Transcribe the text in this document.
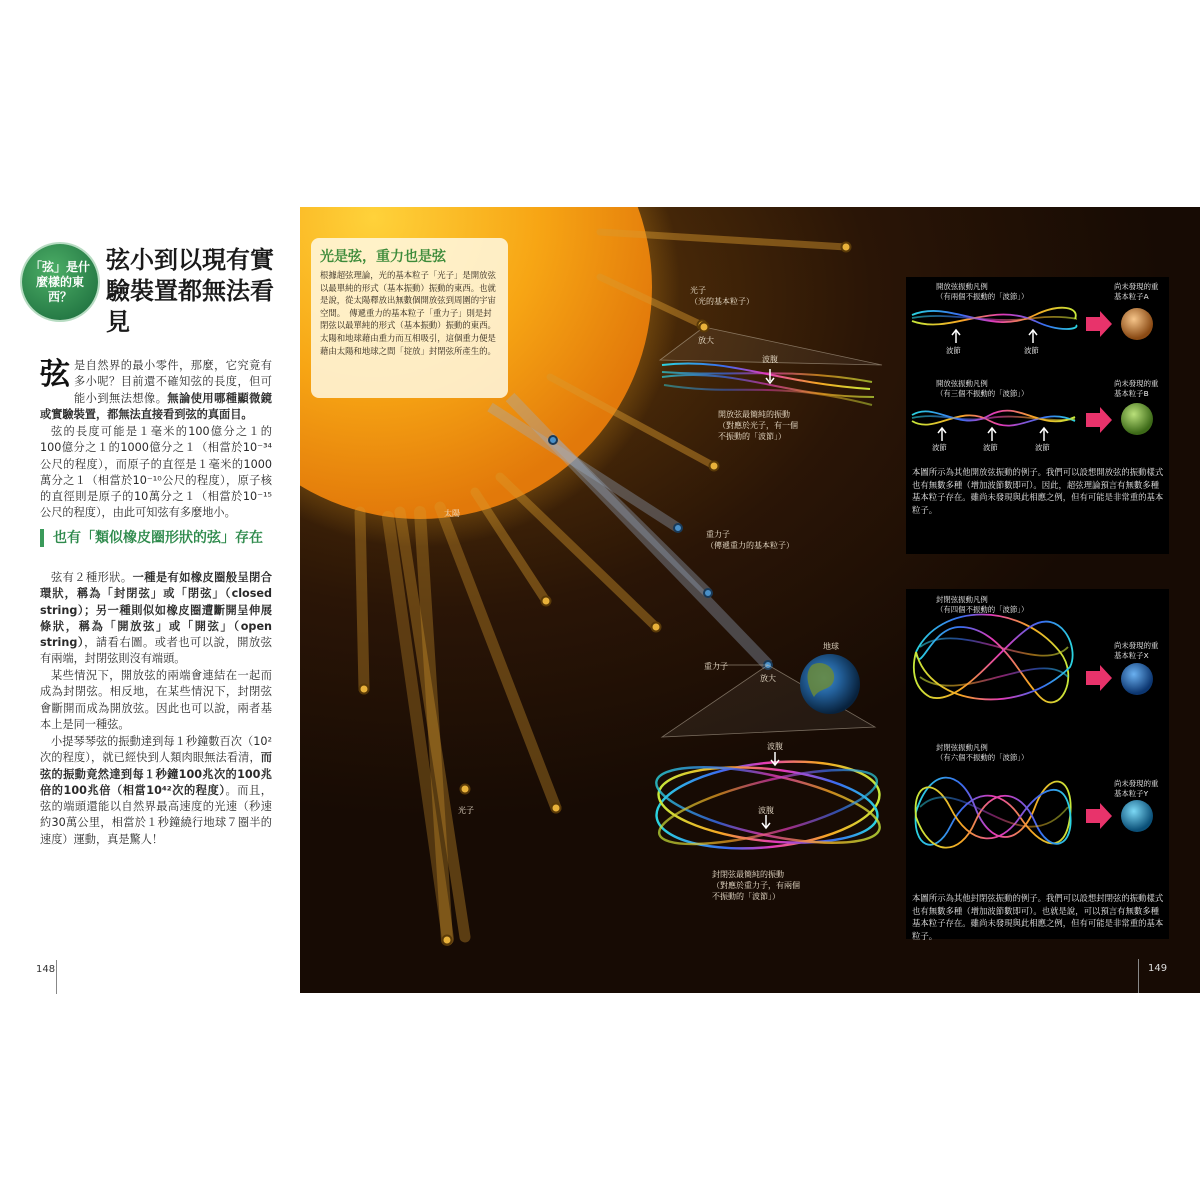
「弦」是什麼樣的東西？
弦小到以現有實驗裝置都無法看見
弦 是自然界的最小零件，那麼，它究竟有多小呢？目前還不確知弦的長度，但可能小到無法想像。無論使用哪種顯微鏡或實驗裝置，都無法直接看到弦的真面目。
弦的長度可能是１毫米的100億分之１的100億分之１的1000億分之１（相當於10⁻³⁴公尺的程度），而原子的直徑是１毫米的1000萬分之１（相當於10⁻¹⁰公尺的程度），原子核的直徑則是原子的10萬分之１（相當於10⁻¹⁵公尺的程度），由此可知弦有多麼地小。
也有「類似橡皮圈形狀的弦」存在
弦有２種形狀。一種是有如橡皮圈般呈閉合環狀，稱為「封閉弦」或「閉弦」（closed string）；另一種則似如橡皮圈遭斷開呈伸展條狀，稱為「開放弦」或「開弦」（open string），請看右圖。或者也可以說，開放弦有兩端，封閉弦則沒有端頭。
某些情況下，開放弦的兩端會連結在一起而成為封閉弦。相反地，在某些情況下，封閉弦會斷開而成為開放弦。因此也可以說，兩者基本上是同一種弦。
小提琴琴弦的振動達到每１秒鐘數百次（10²次的程度），就已經快到人類肉眼無法看清，而弦的振動竟然達到每１秒鐘100兆次的100兆倍的100兆倍（相當10⁴²次的程度）。而且，弦的端頭還能以自然界最高速度的光速（秒速約30萬公里，相當於１秒鐘繞行地球７圈半的速度）運動，真是驚人！
148
光是弦，重力也是弦
根據超弦理論，光的基本粒子「光子」是開放弦以最單純的形式（基本振動）振動的東西。也就是說，從太陽釋放出無數個開放弦到周圍的宇宙空間。　傳遞重力的基本粒子「重力子」則是封閉弦以最單純的形式（基本振動）振動的東西。太陽和地球藉由重力而互相吸引，這個重力便是藉由太陽和地球之間「掟放」封閉弦所產生的。
光子
（光的基本粒子）
放大
波腹
開放弦最簡純的振動
（對應於光子，有一個
不振動的「波節」）
重力子
（傳遞重力的基本粒子）
重力子
放大
地球
太陽
光子
波腹
波腹
封閉弦最簡純的振動
（對應於重力子，有兩個
不振動的「波節」）
開放弦振動凡例
（有兩個不振動的「波節」）
尚未發現的重
基本粒子A
波節	波節
開放弦振動凡例
（有三個不振動的「波節」）
尚未發現的重
基本粒子B
波節	波節	波節
本圖所示為其他開放弦振動的例子。我們可以設想開放弦的振動樣式也有無數多種（增加波節數即可）。因此，超弦理論預言有無數多種基本粒子存在。雖尚未發現與此相應之例，但有可能是非常重的基本粒子。
封閉弦振動凡例
（有四個不振動的「波節」）
尚未發現的重
基本粒子X
封閉弦振動凡例
（有六個不振動的「波節」）
尚未發現的重
基本粒子Y
本圖所示為其他封閉弦振動的例子。我們可以設想封閉弦的振動樣式也有無數多種（增加波節數即可）。也就是說，可以預言有無數多種基本粒子存在。雖尚未發現與此相應之例，但有可能是非常重的基本粒子。
149
